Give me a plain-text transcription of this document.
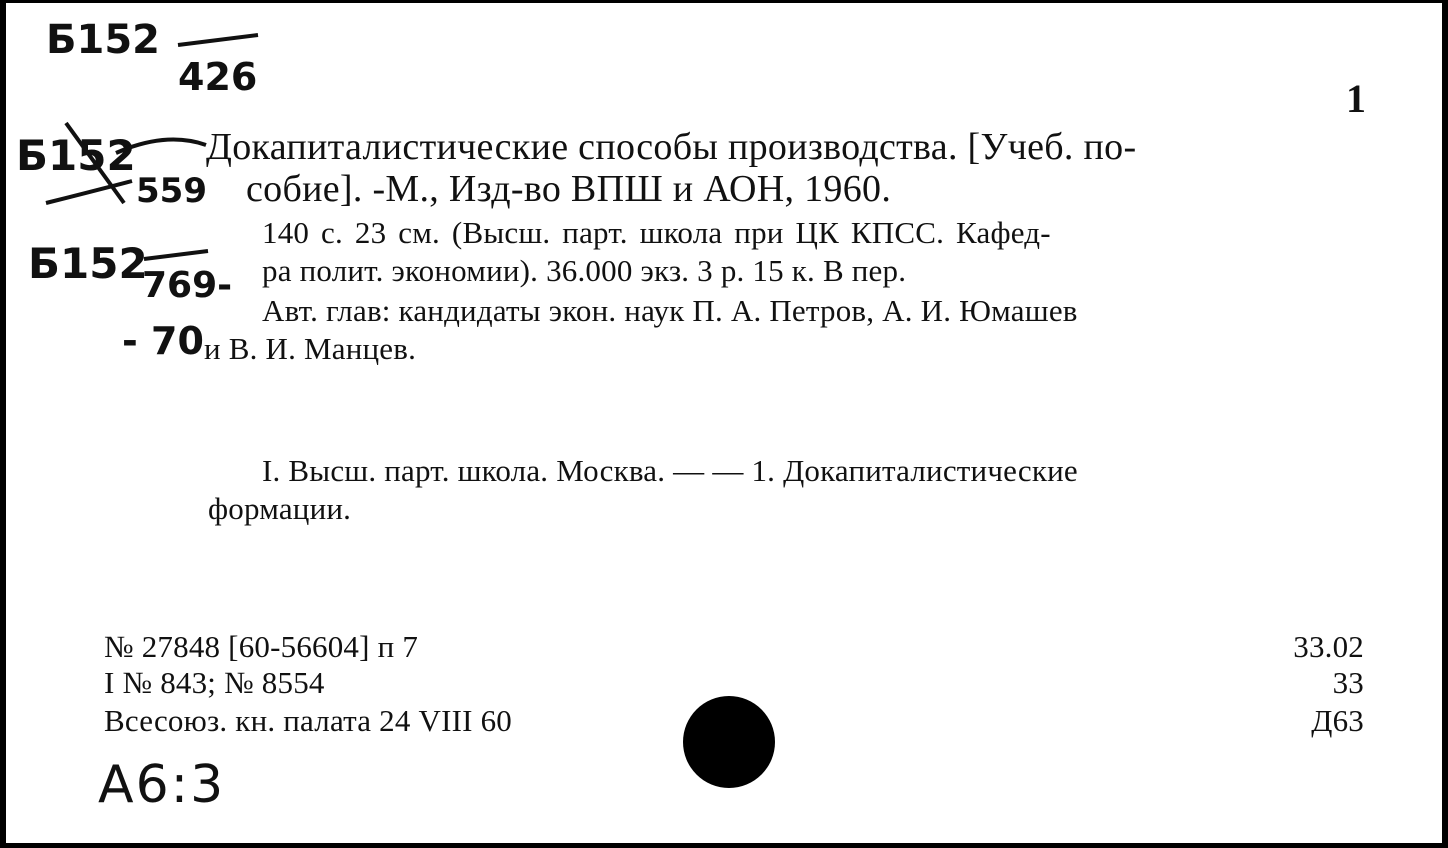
Б152
426
Б152
559
Б152
769-
- 70
А6:3
1
Докапиталистические способы производства. [Учеб. по-
собие]. -М., Изд-во ВПШ и АОН, 1960.
140 с. 23 см. (Высш. парт. школа при ЦК КПСС. Кафед-
ра полит. экономии). 36.000 экз. 3 р. 15 к. В пер.
Авт. глав: кандидаты экон. наук П. А. Петров, А. И. Юмашев
и В. И. Манцев.
I. Высш. парт. школа. Москва. — — 1. Докапиталистические
формации.
№ 27848 [60-56604] п 7
I № 843; № 8554
Всесоюз. кн. палата 24 VIII 60
33.02
33
Д63
